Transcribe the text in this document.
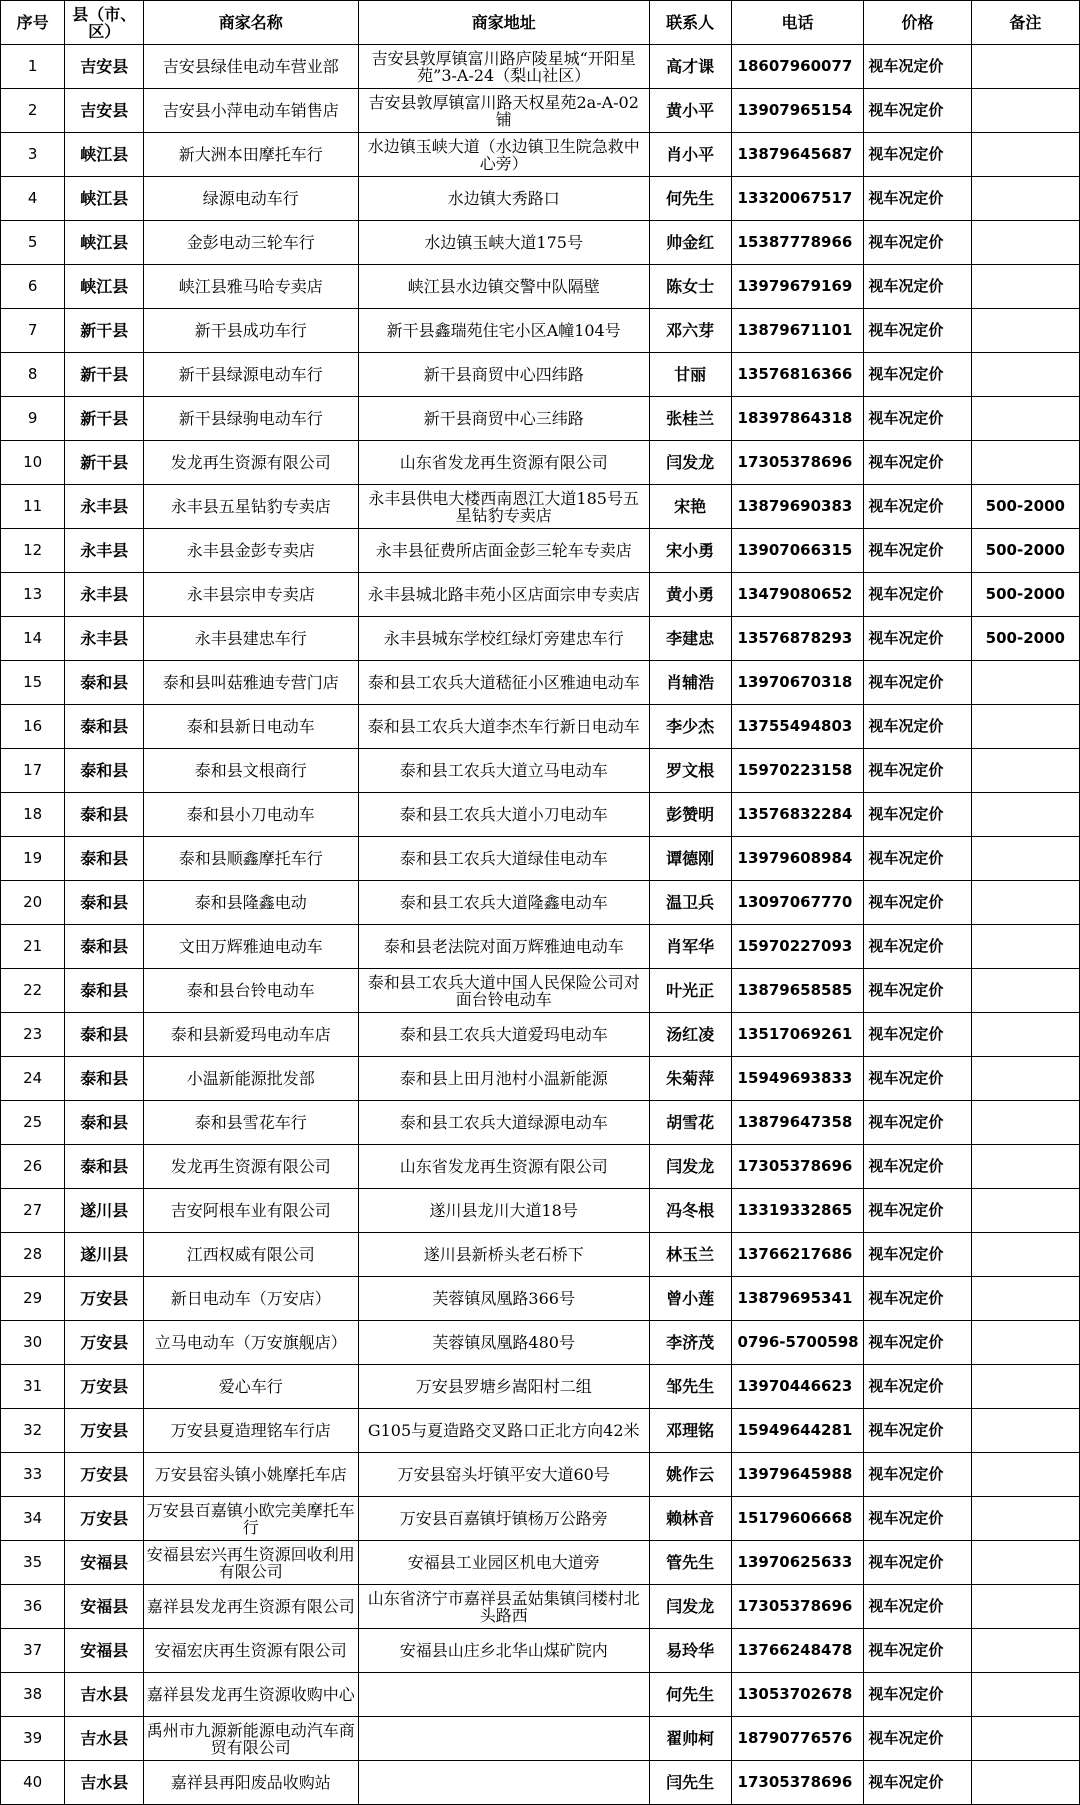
序号	县（市、区）	商家名称	商家地址	联系人	电话	价格	备注
1	吉安县	吉安县绿佳电动车营业部	吉安县敦厚镇富川路庐陵星城“开阳星苑”3-A-24（梨山社区）	高才课	18607960077	视车况定价	
2	吉安县	吉安县小萍电动车销售店	吉安县敦厚镇富川路天权星苑2a-A-02铺	黄小平	13907965154	视车况定价	
3	峡江县	新大洲本田摩托车行	水边镇玉峡大道（水边镇卫生院急救中心旁）	肖小平	13879645687	视车况定价	
4	峡江县	绿源电动车行	水边镇大秀路口	何先生	13320067517	视车况定价	
5	峡江县	金彭电动三轮车行	水边镇玉峡大道175号	帅金红	15387778966	视车况定价	
6	峡江县	峡江县雅马哈专卖店	峡江县水边镇交警中队隔壁	陈女士	13979679169	视车况定价	
7	新干县	新干县成功车行	新干县鑫瑞苑住宅小区A幢104号	邓六芽	13879671101	视车况定价	
8	新干县	新干县绿源电动车行	新干县商贸中心四纬路	甘丽	13576816366	视车况定价	
9	新干县	新干县绿驹电动车行	新干县商贸中心三纬路	张桂兰	18397864318	视车况定价	
10	新干县	发龙再生资源有限公司	山东省发龙再生资源有限公司	闫发龙	17305378696	视车况定价	
11	永丰县	永丰县五星钻豹专卖店	永丰县供电大楼西南恩江大道185号五星钻豹专卖店	宋艳	13879690383	视车况定价	500-2000
12	永丰县	永丰县金彭专卖店	永丰县征费所店面金彭三轮车专卖店	宋小勇	13907066315	视车况定价	500-2000
13	永丰县	永丰县宗申专卖店	永丰县城北路丰苑小区店面宗申专卖店	黄小勇	13479080652	视车况定价	500-2000
14	永丰县	永丰县建忠车行	永丰县城东学校红绿灯旁建忠车行	李建忠	13576878293	视车况定价	500-2000
15	泰和县	泰和县叫菇雅迪专营门店	泰和县工农兵大道嵇征小区雅迪电动车	肖辅浩	13970670318	视车况定价	
16	泰和县	泰和县新日电动车	泰和县工农兵大道李杰车行新日电动车	李少杰	13755494803	视车况定价	
17	泰和县	泰和县文根商行	泰和县工农兵大道立马电动车	罗文根	15970223158	视车况定价	
18	泰和县	泰和县小刀电动车	泰和县工农兵大道小刀电动车	彭赞明	13576832284	视车况定价	
19	泰和县	泰和县顺鑫摩托车行	泰和县工农兵大道绿佳电动车	谭德刚	13979608984	视车况定价	
20	泰和县	泰和县隆鑫电动	泰和县工农兵大道隆鑫电动车	温卫兵	13097067770	视车况定价	
21	泰和县	文田万辉雅迪电动车	泰和县老法院对面万辉雅迪电动车	肖军华	15970227093	视车况定价	
22	泰和县	泰和县台铃电动车	泰和县工农兵大道中国人民保险公司对面台铃电动车	叶光正	13879658585	视车况定价	
23	泰和县	泰和县新爱玛电动车店	泰和县工农兵大道爱玛电动车	汤红凌	13517069261	视车况定价	
24	泰和县	小温新能源批发部	泰和县上田月池村小温新能源	朱菊萍	15949693833	视车况定价	
25	泰和县	泰和县雪花车行	泰和县工农兵大道绿源电动车	胡雪花	13879647358	视车况定价	
26	泰和县	发龙再生资源有限公司	山东省发龙再生资源有限公司	闫发龙	17305378696	视车况定价	
27	遂川县	吉安阿根车业有限公司	遂川县龙川大道18号	冯冬根	13319332865	视车况定价	
28	遂川县	江西权威有限公司	遂川县新桥头老石桥下	林玉兰	13766217686	视车况定价	
29	万安县	新日电动车（万安店）	芙蓉镇凤凰路366号	曾小莲	13879695341	视车况定价	
30	万安县	立马电动车（万安旗舰店）	芙蓉镇凤凰路480号	李济茂	0796-5700598	视车况定价	
31	万安县	爱心车行	万安县罗塘乡嵩阳村二组	邹先生	13970446623	视车况定价	
32	万安县	万安县夏造理铭车行店	G105与夏造路交叉路口正北方向42米	邓理铭	15949644281	视车况定价	
33	万安县	万安县窑头镇小姚摩托车店	万安县窑头圩镇平安大道60号	姚作云	13979645988	视车况定价	
34	万安县	万安县百嘉镇小欧完美摩托车行	万安县百嘉镇圩镇杨万公路旁	赖林音	15179606668	视车况定价	
35	安福县	安福县宏兴再生资源回收利用有限公司	安福县工业园区机电大道旁	管先生	13970625633	视车况定价	
36	安福县	嘉祥县发龙再生资源有限公司	山东省济宁市嘉祥县孟姑集镇闫楼村北头路西	闫发龙	17305378696	视车况定价	
37	安福县	安福宏庆再生资源有限公司	安福县山庄乡北华山煤矿院内	易玲华	13766248478	视车况定价	
38	吉水县	嘉祥县发龙再生资源收购中心		何先生	13053702678	视车况定价	
39	吉水县	禹州市九源新能源电动汽车商贸有限公司		翟帅柯	18790776576	视车况定价	
40	吉水县	嘉祥县再阳废品收购站		闫先生	17305378696	视车况定价	
